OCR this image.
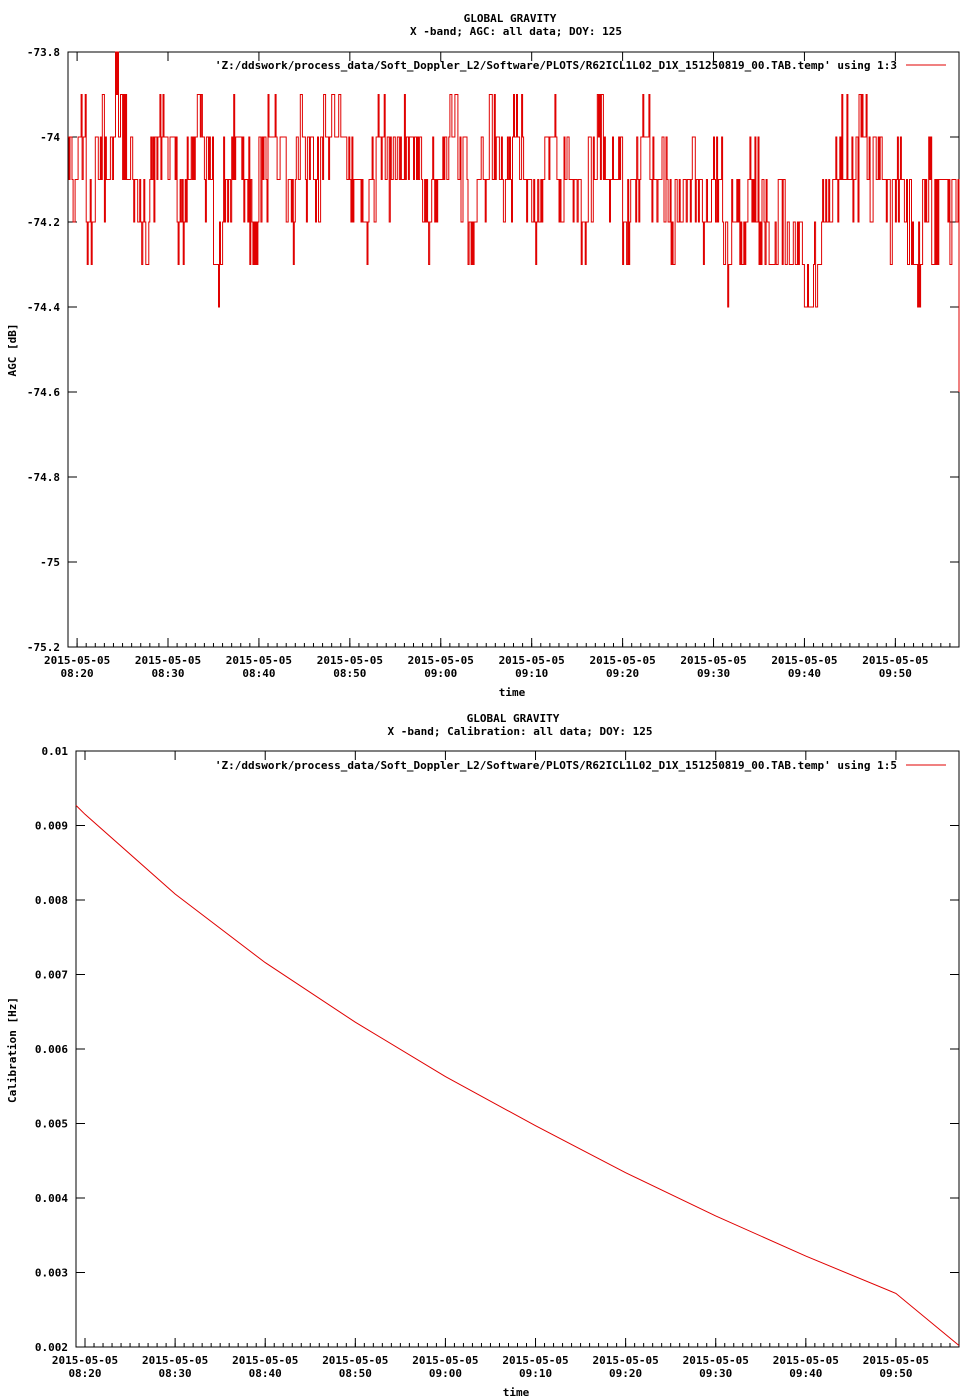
GLOBAL GRAVITY
X -band; AGC: all data; DOY: 125
-73.8
-74
-74.2
-74.4
-74.6
-74.8
-75
-75.2
2015-05-05
08:20
2015-05-05
08:30
2015-05-05
08:40
2015-05-05
08:50
2015-05-05
09:00
2015-05-05
09:10
2015-05-05
09:20
2015-05-05
09:30
2015-05-05
09:40
2015-05-05
09:50
time
AGC [dB]
'Z:/ddswork/process_data/Soft_Doppler_L2/Software/PLOTS/R62ICL1L02_D1X_151250819_00.TAB.temp' using 1:3
GLOBAL GRAVITY
X -band; Calibration: all data; DOY: 125
0.01
0.009
0.008
0.007
0.006
0.005
0.004
0.003
0.002
2015-05-05
08:20
2015-05-05
08:30
2015-05-05
08:40
2015-05-05
08:50
2015-05-05
09:00
2015-05-05
09:10
2015-05-05
09:20
2015-05-05
09:30
2015-05-05
09:40
2015-05-05
09:50
time
Calibration [Hz]
'Z:/ddswork/process_data/Soft_Doppler_L2/Software/PLOTS/R62ICL1L02_D1X_151250819_00.TAB.temp' using 1:5
